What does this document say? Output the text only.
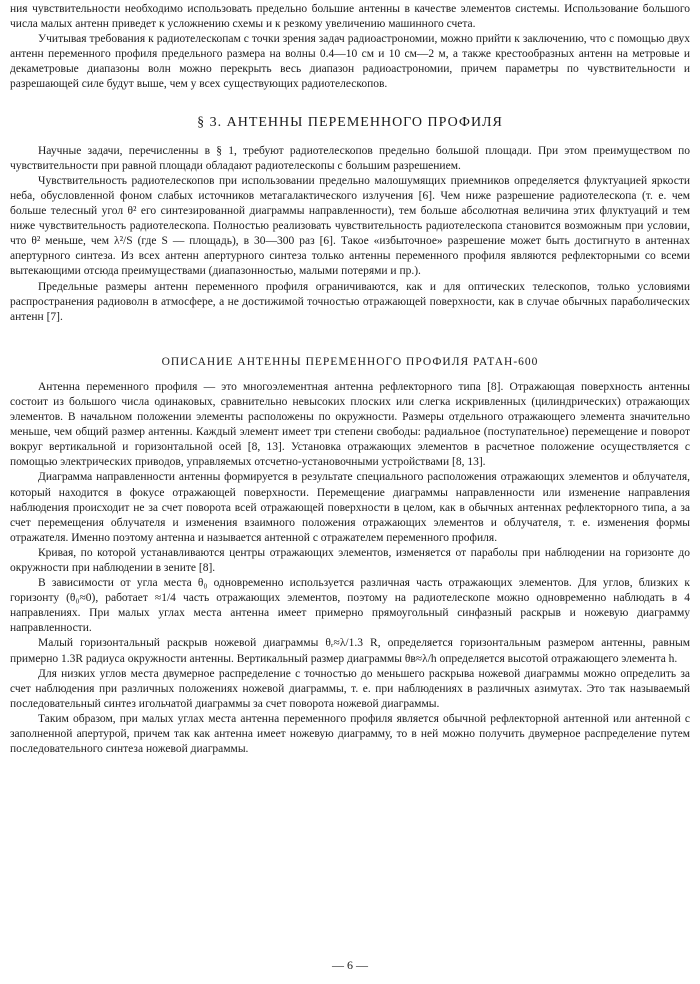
ния чувствительности необходимо использовать предельно большие антенны в качестве элементов системы. Использование большого числа малых антенн приведет к усложнению схемы и к резкому увеличению машинного счета.

Учитывая требования к радиотелескопам с точки зрения задач радиоастрономии, можно прийти к заключению, что с помощью двух антенн переменного профиля предельного размера на волны 0.4—10 см и 10 см—2 м, а также крестообразных антенн на метровые и декаметровые диапазоны волн можно перекрыть весь диапазон радиоастрономии, причем параметры по чувствительности и разрешающей силе будут выше, чем у всех существующих радиотелескопов.

§ 3. АНТЕННЫ ПЕРЕМЕННОГО ПРОФИЛЯ

Научные задачи, перечисленны в § 1, требуют радиотелескопов предельно большой площади. При этом преимуществом по чувствительности при равной площади обладают радиотелескопы с большим разрешением.

Чувствительность радиотелескопов при использовании предельно малошумящих приемников определяется флуктуацией яркости неба, обусловленной фоном слабых источников метагалактического излучения [6]. Чем ниже разрешение радиотелескопа (т. е. чем больше телесный угол θ² его синтезированной диаграммы направленности), тем больше абсолютная величина этих флуктуаций и тем ниже чувствительность радиотелескопа. Полностью реализовать чувствительность радиотелескопа становится возможным при условии, что θ² меньше, чем λ²/S (где S — площадь), в 30—300 раз [6]. Такое «избыточное» разрешение может быть достигнуто в антеннах апертурного синтеза. Из всех антенн апертурного синтеза только антенны переменного профиля являются рефлекторными со всеми вытекающими отсюда преимуществами (диапазонностью, малыми потерями и пр.).

Предельные размеры антенн переменного профиля ограничиваются, как и для оптических телескопов, только условиями распространения радиоволн в атмосфере, а не достижимой точностью отражающей поверхности, как в случае обычных параболических антенн [7].

ОПИСАНИЕ АНТЕННЫ ПЕРЕМЕННОГО ПРОФИЛЯ РАТАН-600

Антенна переменного профиля — это многоэлементная антенна рефлекторного типа [8]. Отражающая поверхность антенны состоит из большого числа одинаковых, сравнительно невысоких плоских или слегка искривленных (цилиндрических) отражающих элементов. В начальном положении элементы расположены по окружности. Размеры отдельного отражающего элемента значительно меньше, чем общий размер антенны. Каждый элемент имеет три степени свободы: радиальное (поступательное) перемещение и поворот вокруг вертикальной и горизонтальной осей [8, 13]. Установка отражающих элементов в расчетное положение осуществляется с помощью электрических приводов, управляемых отсчетно-установочными устройствами [8, 13].

Диаграмма направленности антенны формируется в результате специального расположения отражающих элементов и облучателя, который находится в фокусе отражающей поверхности. Перемещение диаграммы направленности или изменение направления наблюдения происходит не за счет поворота всей отражающей поверхности в целом, как в обычных антеннах рефлекторного типа, а за счет перемещения облучателя и изменения взаимного положения отражающих элементов и облучателя, т. е. изменения формы отражателя. Именно поэтому антенна и называется антенной с отражателем переменного профиля.

Кривая, по которой устанавливаются центры отражающих элементов, изменяется от параболы при наблюдении на горизонте до окружности при наблюдении в зените [8].

В зависимости от угла места θ₀ одновременно используется различная часть отражающих элементов. Для углов, близких к горизонту (θ₀≈0), работает ≈1/4 часть отражающих элементов, поэтому на радиотелескопе можно одновременно наблюдать в 4 направлениях. При малых углах места антенна имеет примерно прямоугольный синфазный раскрыв и ножевую диаграмму направленности.

Малый горизонтальный раскрыв ножевой диаграммы θᵣ≈λ/1.3 R, определяется горизонтальным размером антенны, равным примерно 1.3R радиуса окружности антенны. Вертикальный размер диаграммы θв≈λ/h определяется высотой отражающего элемента h.

Для низких углов места двумерное распределение с точностью до меньшего раскрыва ножевой диаграммы можно определить за счет наблюдения при различных положениях ножевой диаграммы, т. е. при наблюдениях в различных азимутах. Это так называемый последовательный синтез игольчатой диаграммы за счет поворота ножевой диаграммы.

Таким образом, при малых углах места антенна переменного профиля является обычной рефлекторной антенной или антенной с заполненной апертурой, причем так как антенна имеет ножевую диаграмму, то в ней можно получить двумерное распределение путем последовательного синтеза ножевой диаграммы.

— 6 —
